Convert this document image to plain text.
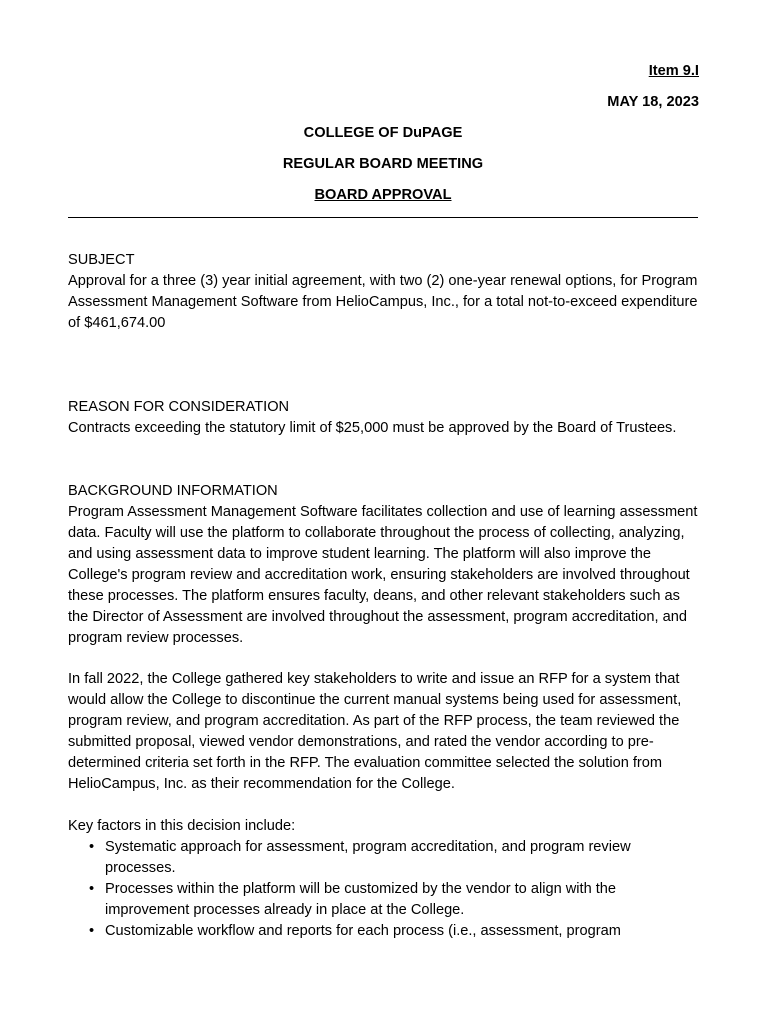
Item 9.I
MAY 18, 2023
COLLEGE OF DuPAGE
REGULAR BOARD MEETING
BOARD APPROVAL
SUBJECT

Approval for a three (3) year initial agreement, with two (2) one-year renewal options, for Program Assessment Management Software from HelioCampus, Inc., for a total not-to-exceed expenditure of $461,674.00

REASON FOR CONSIDERATION

Contracts exceeding the statutory limit of $25,000 must be approved by the Board of Trustees.

BACKGROUND INFORMATION

Program Assessment Management Software facilitates collection and use of learning assessment data. Faculty will use the platform to collaborate throughout the process of collecting, analyzing, and using assessment data to improve student learning. The platform will also improve the College's program review and accreditation work, ensuring stakeholders are involved throughout these processes. The platform ensures faculty, deans, and other relevant stakeholders such as the Director of Assessment are involved throughout the assessment, program accreditation, and program review processes.

In fall 2022, the College gathered key stakeholders to write and issue an RFP for a system that would allow the College to discontinue the current manual systems being used for assessment, program review, and program accreditation. As part of the RFP process, the team reviewed the submitted proposal, viewed vendor demonstrations, and rated the vendor according to pre-determined criteria set forth in the RFP. The evaluation committee selected the solution from HelioCampus, Inc. as their recommendation for the College.

Key factors in this decision include:

• Systematic approach for assessment, program accreditation, and program review processes.
• Processes within the platform will be customized by the vendor to align with the improvement processes already in place at the College.
• Customizable workflow and reports for each process (i.e., assessment, program
